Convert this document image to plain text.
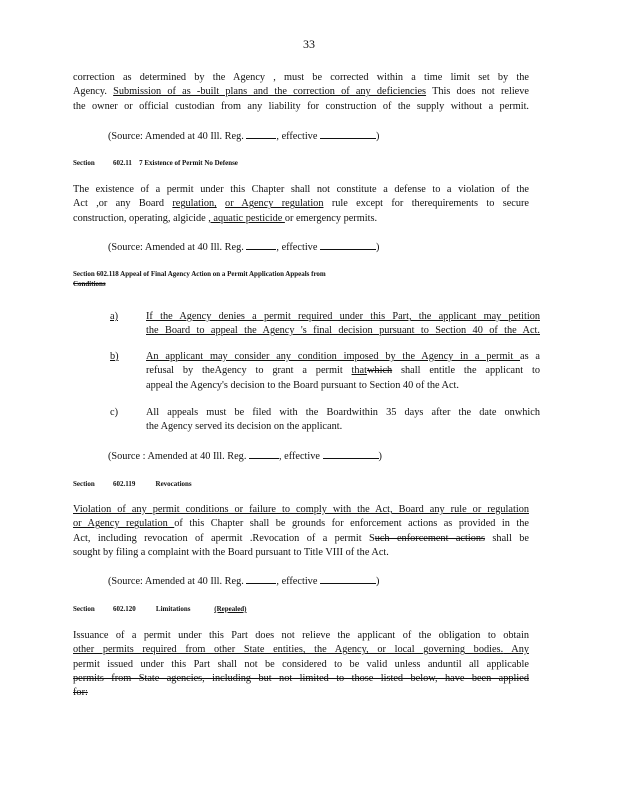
33
correction as determined by the Agency , must be corrected within a time limit set by the
Agency. Submission of as -built plans and the correction of any deficiencies This does not relieve
the owner or official custodian from any liability for construction of the supply without a permit.
(Source: Amended at 40 Ill. Reg.	, effective	)
Section 602.11 7 Existence of Permit No Defense
The existence of a permit under this Chapter shall not constitute a defense to a violation of the
Act ,or any Board regulation, or Agency regulation rule except for therequirements to secure
construction, operating, algicide , aquatic pesticide or emergency permits.
(Source: Amended at 40 Ill. Reg.	, effective	)
Section 602.118 Appeal of Final Agency Action on a Permit Application Appeals from
Conditions
a)	If the Agency denies a permit required under this Part, the applicant may petition
the Board to appeal the Agency 's final decision pursuant to Section 40 of the Act.
b)	An applicant may consider any condition imposed by the Agency in a permit as a
refusal by theAgency to grant a permit thatwhich shall entitle the applicant to
appeal the Agency's decision to the Board pursuant to Section 40 of the Act.
c)	All appeals must be filed with the Boardwithin 35 days after the date onwhich
the Agency served its decision on the applicant.
(Source : Amended at 40 Ill. Reg.	, effective	)
Section 602.119	Revocations
Violation of any permit conditions or failure to comply with the Act, Board any rule or regulation
or Agency regulation of this Chapter shall be grounds for enforcement actions as provided in the
Act, including revocation of apermit .Revocation of a permit Such enforcement actions shall be
sought by filing a complaint with the Board pursuant to Title VIII of the Act.
(Source: Amended at 40 Ill. Reg.	, effective	)
Section 602.120	Limitations	(Repealed)
Issuance of a permit under this Part does not relieve the applicant of the obligation to obtain
other permits required from other State entities, the Agency, or local governing bodies. Any
permit issued under this Part shall not be considered to be valid unless anduntil all applicable
permits from State agencies, including but not limited to those listed below, have been applied
for:
